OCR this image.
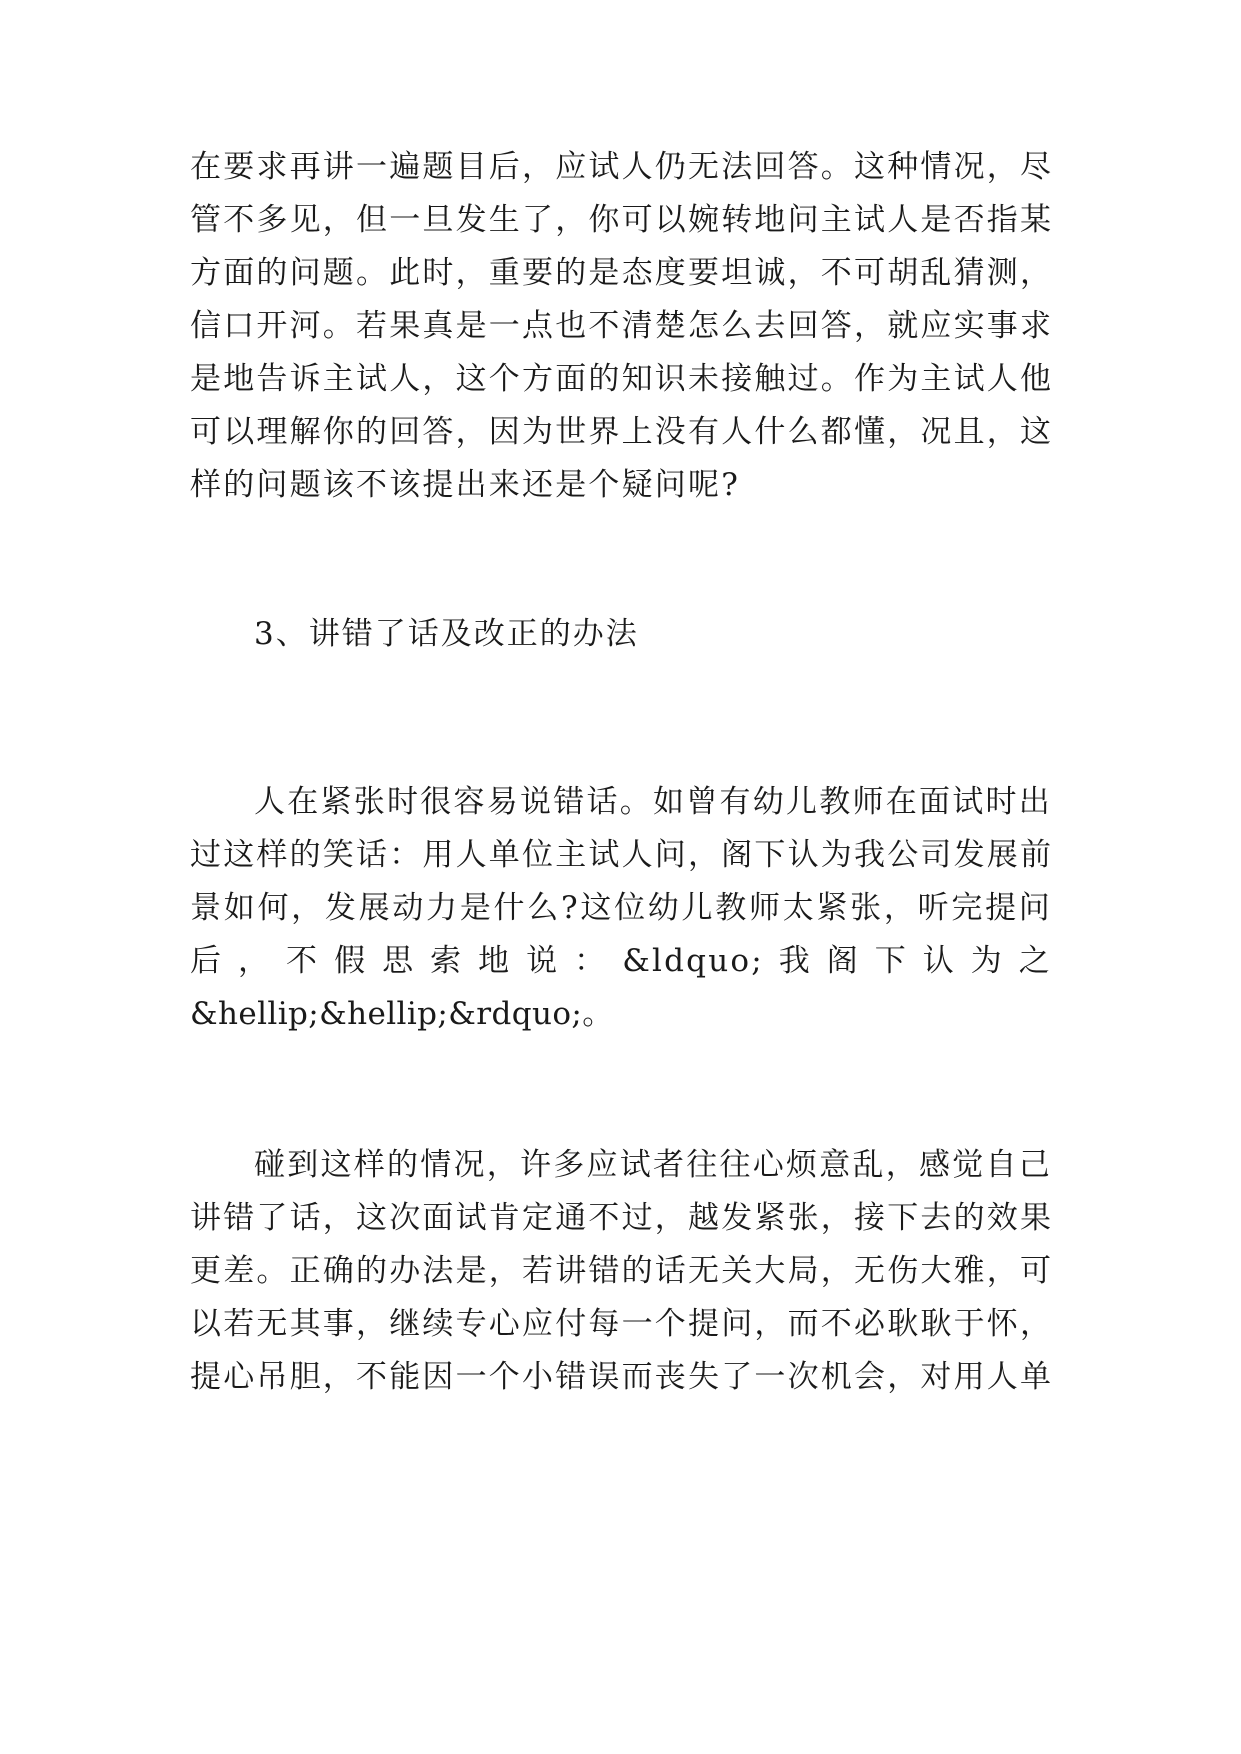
在要求再讲一遍题目后，应试人仍无法回答。这种情况，尽
管不多见，但一旦发生了，你可以婉转地问主试人是否指某
方面的问题。此时，重要的是态度要坦诚，不可胡乱猜测，
信口开河。若果真是一点也不清楚怎么去回答，就应实事求
是地告诉主试人，这个方面的知识未接触过。作为主试人他
可以理解你的回答，因为世界上没有人什么都懂，况且，这
样的问题该不该提出来还是个疑问呢?
3、讲错了话及改正的办法
人在紧张时很容易说错话。如曾有幼儿教师在面试时出
过这样的笑话：用人单位主试人问，阁下认为我公司发展前
景如何，发展动力是什么?这位幼儿教师太紧张，听完提问
后，不假思索地说：&ldquo;我阁下认为之
&hellip;&hellip;&rdquo;。
碰到这样的情况，许多应试者往往心烦意乱，感觉自己
讲错了话，这次面试肯定通不过，越发紧张，接下去的效果
更差。正确的办法是，若讲错的话无关大局，无伤大雅，可
以若无其事，继续专心应付每一个提问，而不必耿耿于怀，
提心吊胆，不能因一个小错误而丧失了一次机会，对用人单
